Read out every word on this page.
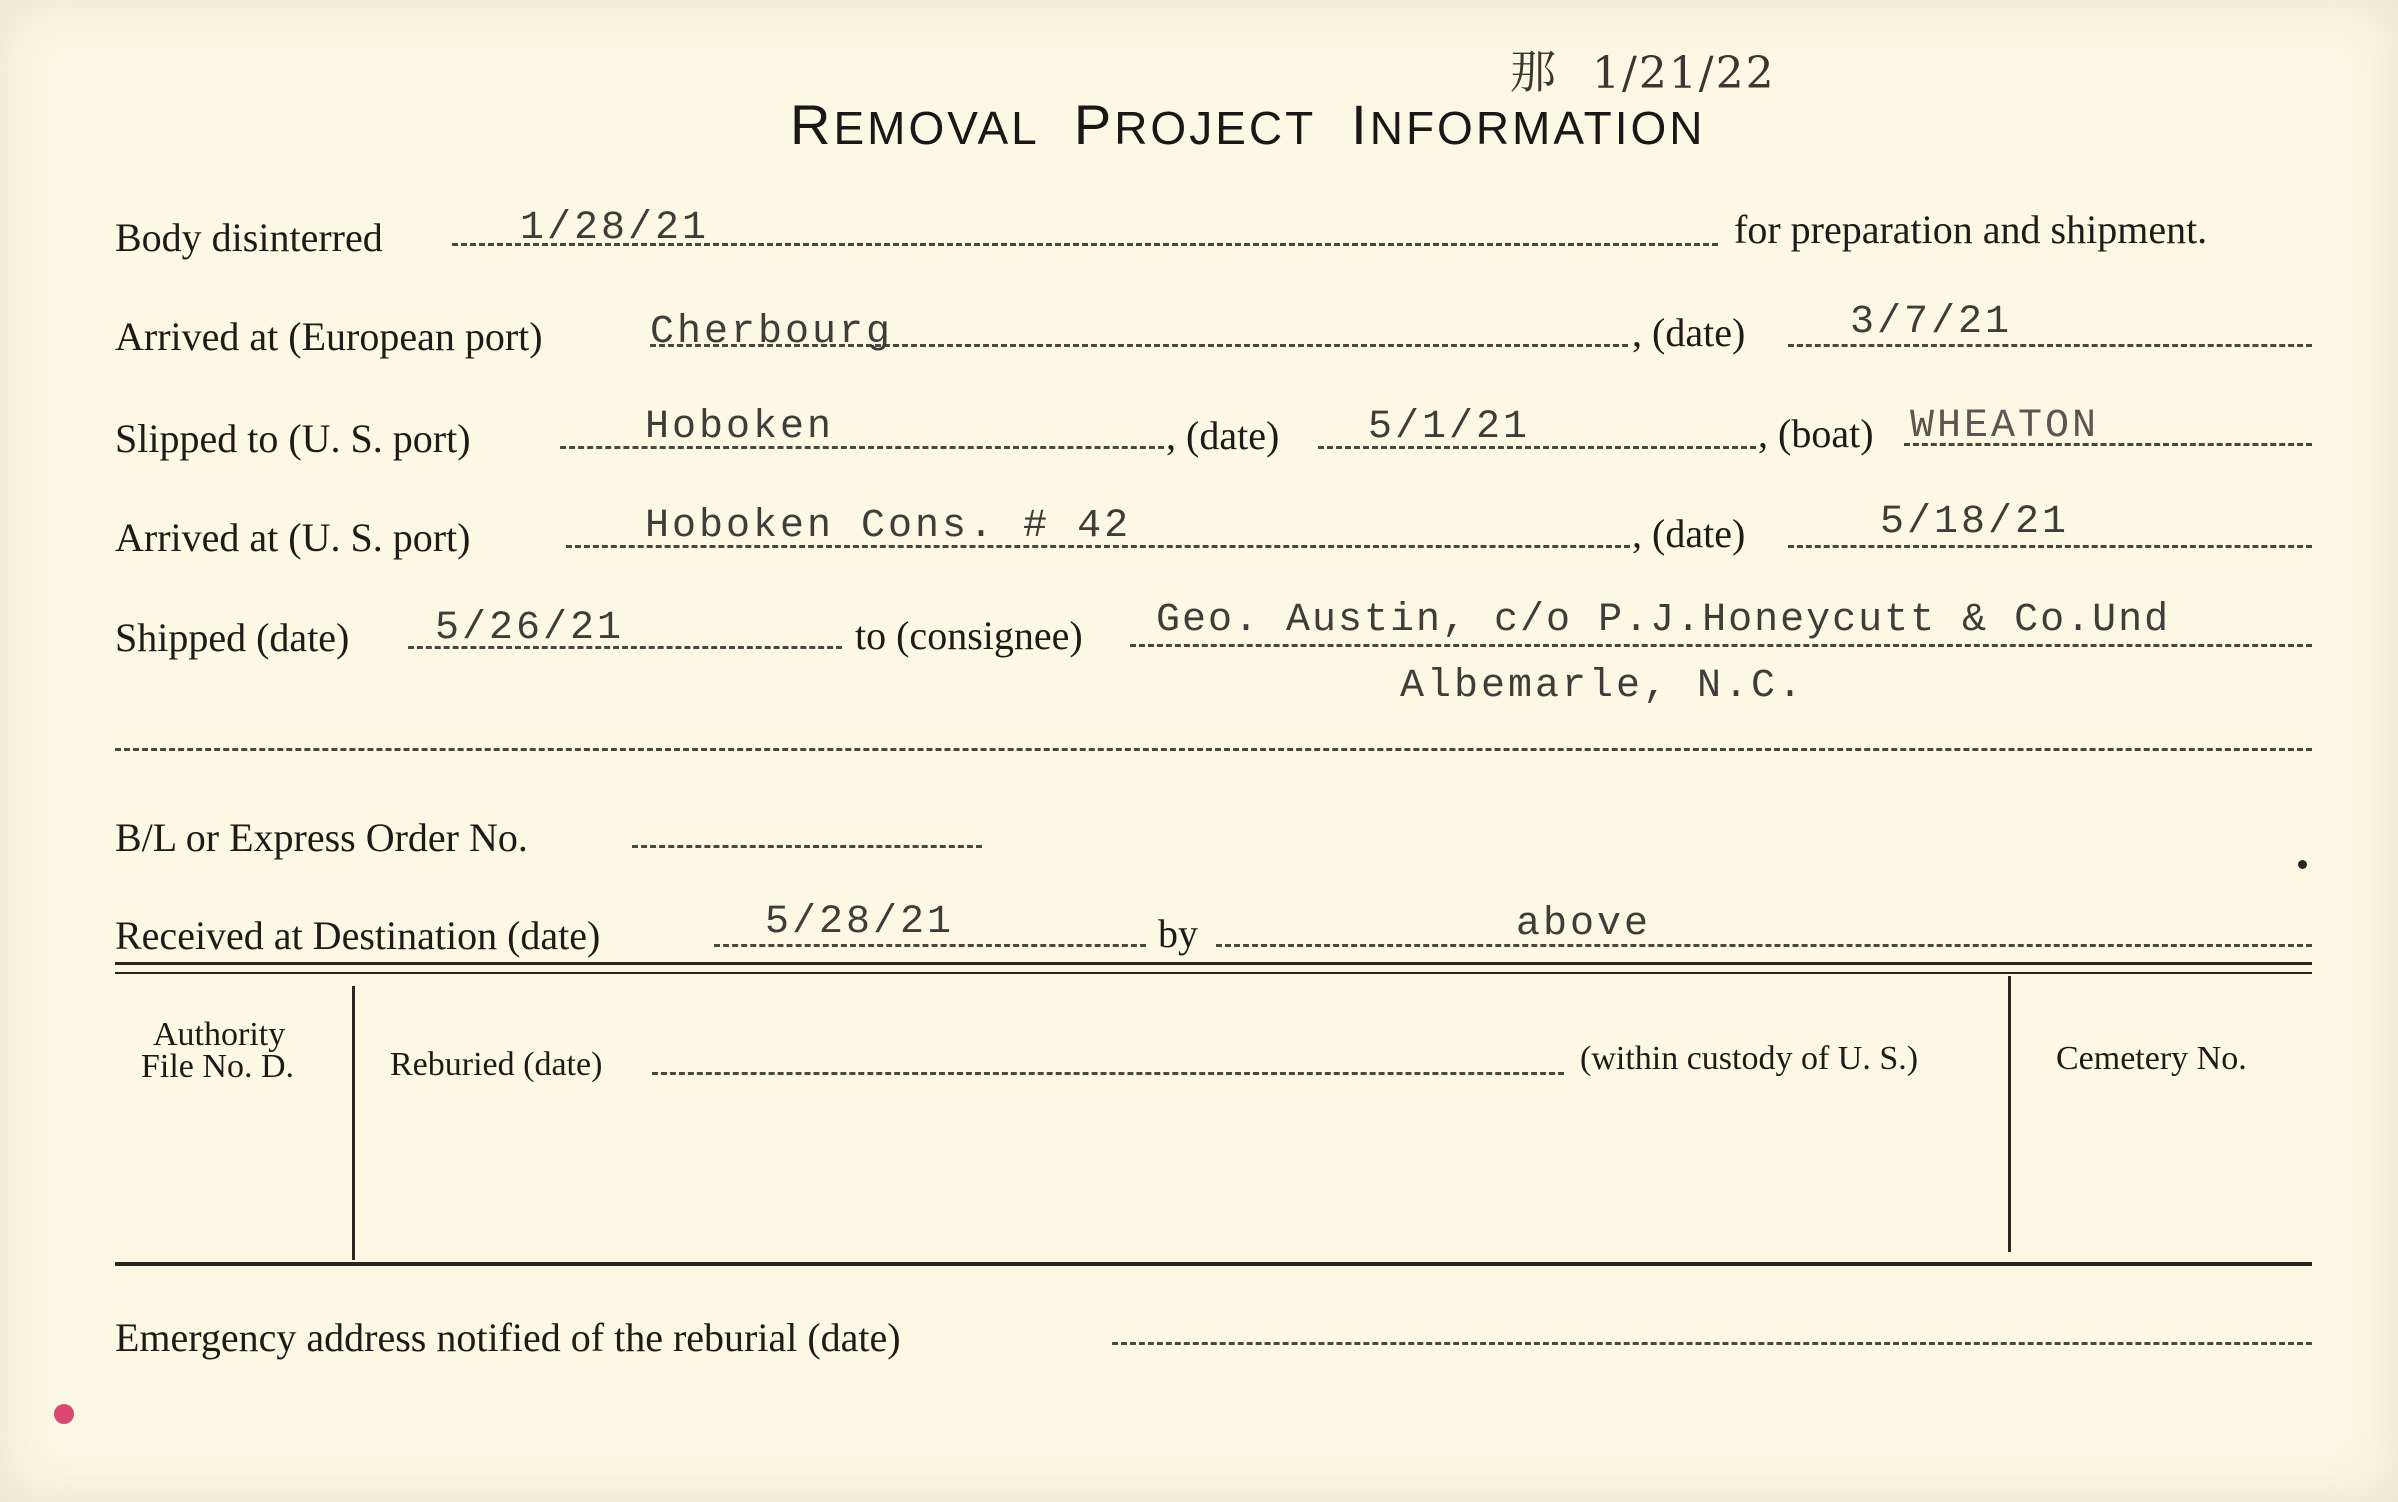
那 1/21/22
REMOVAL PROJECT INFORMATION
Body disinterred	1/28/21	for preparation and shipment.
Arrived at (European port)	Cherbourg	, (date)	3/7/21
Slipped to (U. S. port)	Hoboken	, (date) 5/1/21	, (boat) WHEATON
Arrived at (U. S. port)	Hoboken Cons. # 42	, (date)	5/18/21
Shipped (date) 5/26/21	to (consignee) Geo. Austin, c/o P.J.Honeycutt & Co.Und
Albemarle, N.C.
B/L or Express Order No.
Received at Destination (date)	5/28/21	by	above
Authority
File No. D.	Reburied (date)	(within custody of U. S.)	Cemetery No.
Emergency address notified of the reburial (date)
